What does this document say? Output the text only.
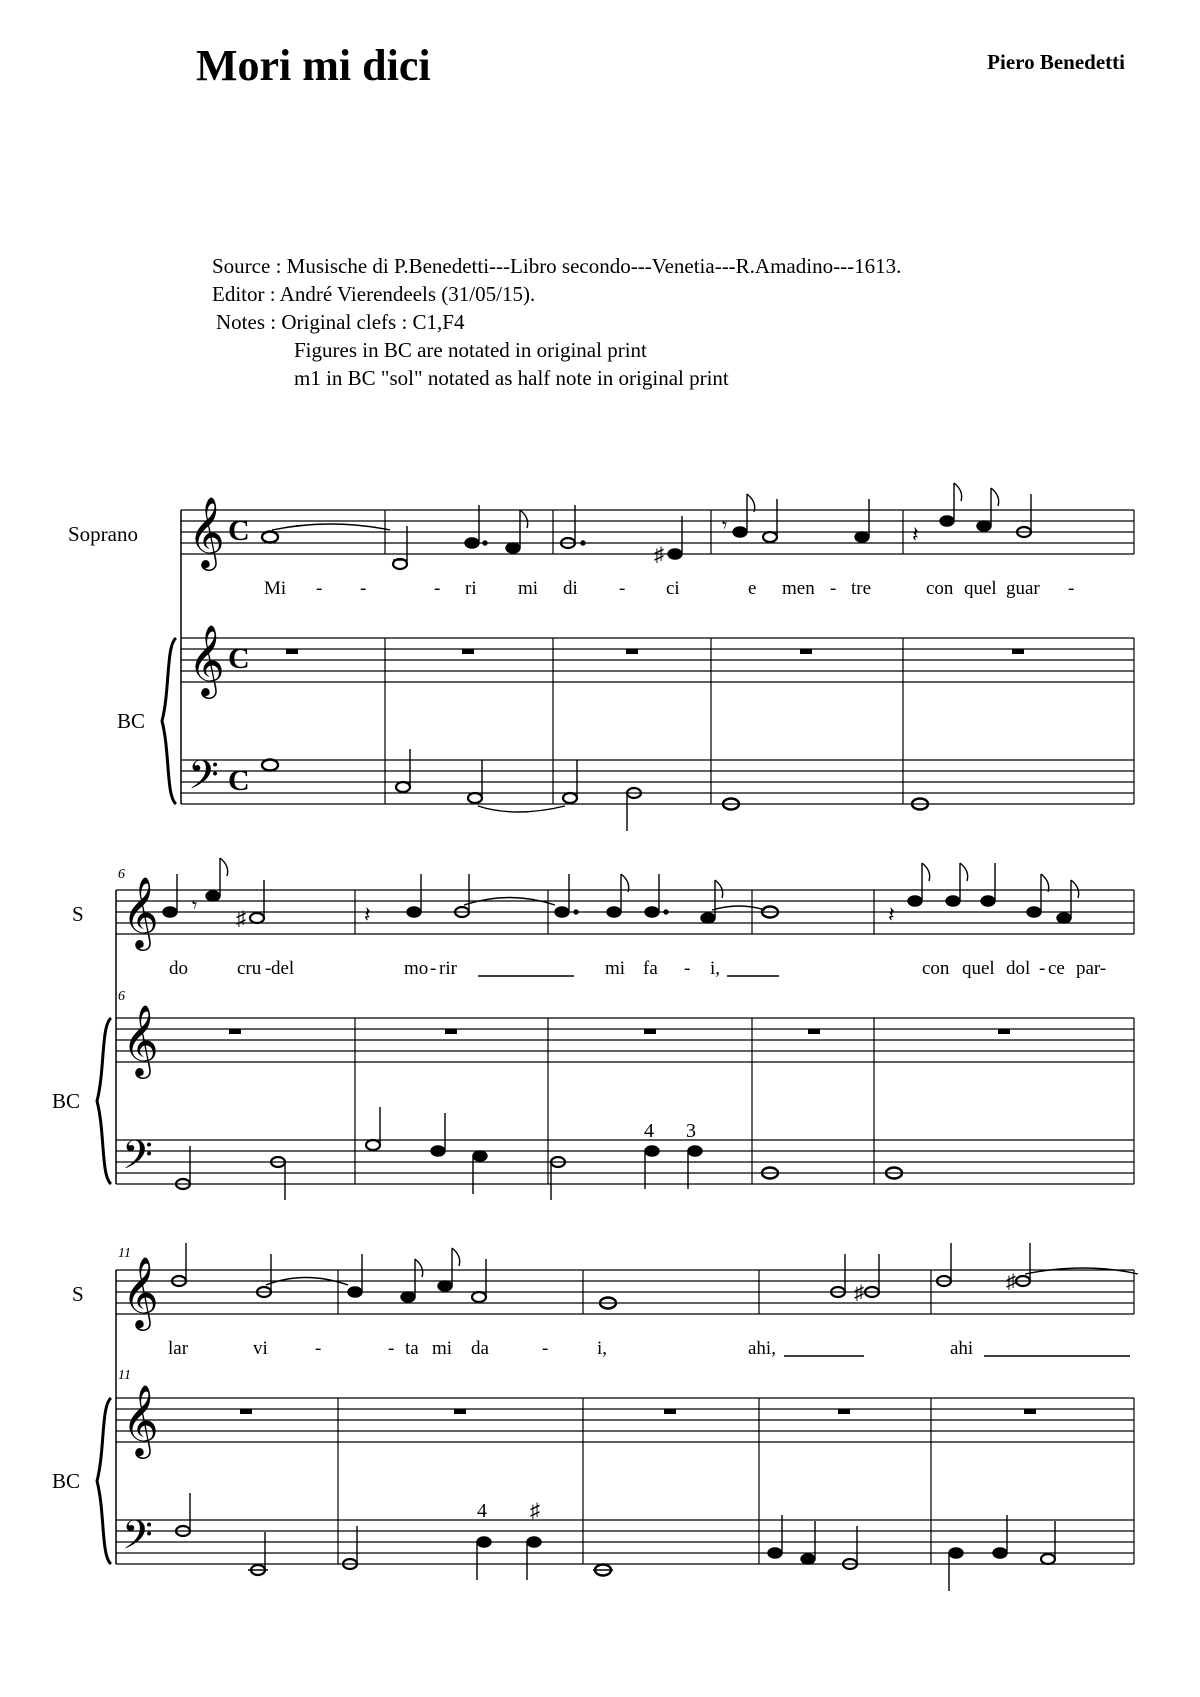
Mori mi dici	Piero Benedetti
Source : Musische di P.Benedetti---Libro secondo---Venetia---R.Amadino---1613.
Editor : André Vierendeels (31/05/15).
Notes : Original clefs : C1,F4
Figures in BC are notated in original print
m1 in BC "sol" notated as half note in original print
Soprano
BC
𝄞
𝄞
𝄢
C
C
C
♯
𝄾	𝄽
Mi - -	- ri mi di - ci	e men - tre	con quel guar -
6
6
S
BC
𝄞
𝄞
𝄢
𝄾
♯	𝄽	𝄽
4 3
do	cru - del	mo - rir	mi fa - i,	con quel dol - ce par-
11
11
S
BC
𝄞
𝄞
𝄢
♯	♯
4 ♯
lar	vi -	- ta mi da	-	i,	ahi,	ahi
